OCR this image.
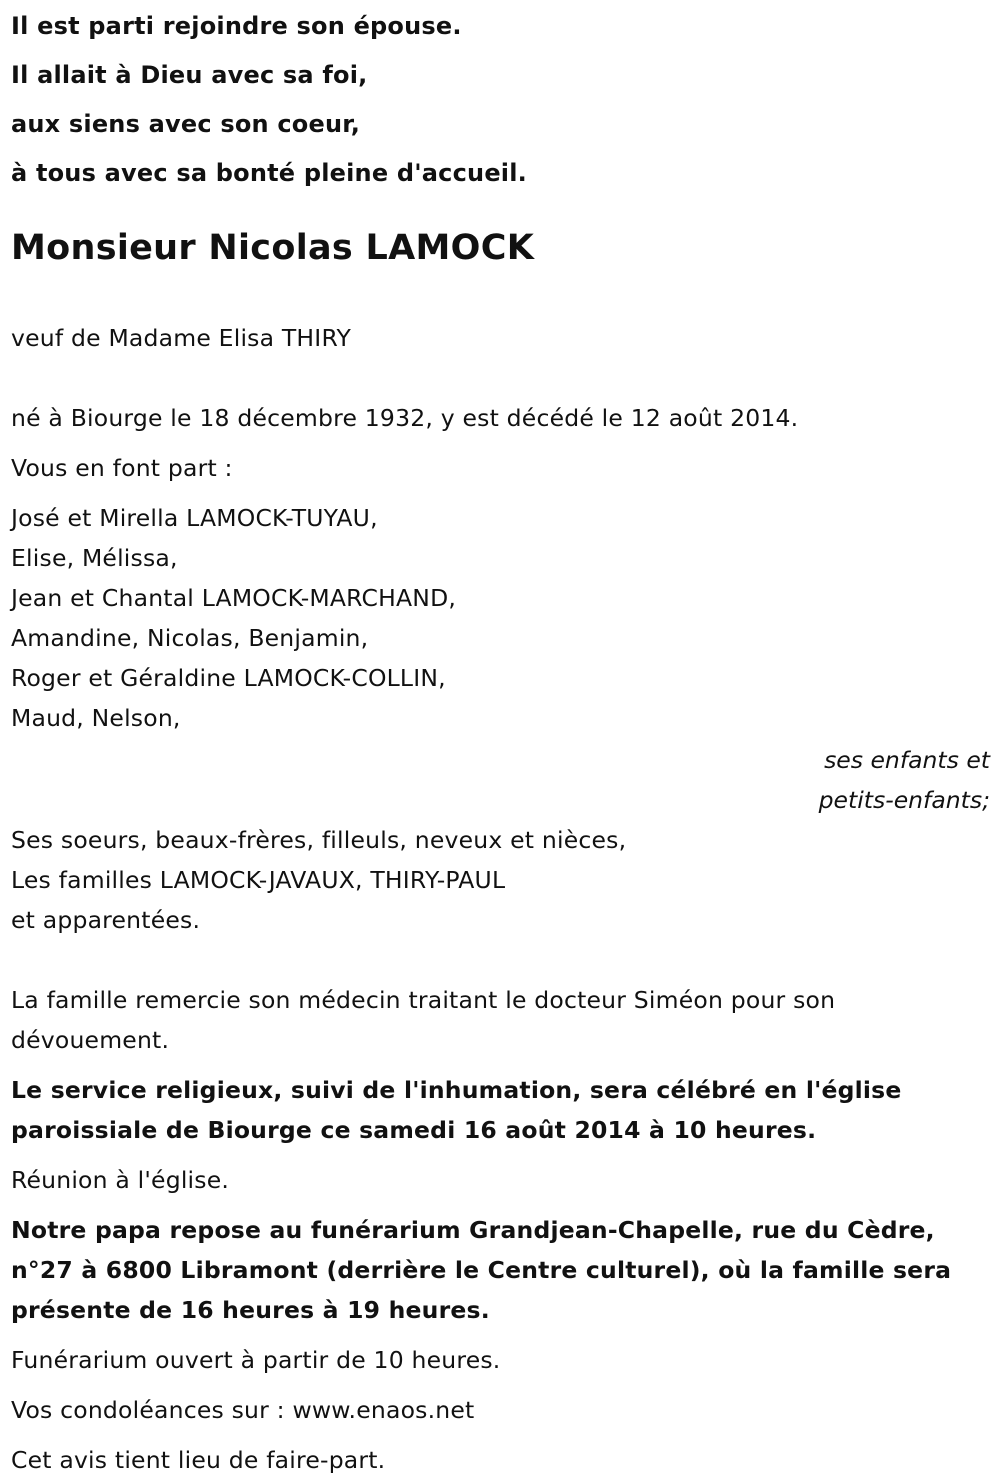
Il est parti rejoindre son épouse.
Il allait à Dieu avec sa foi,
aux siens avec son coeur,
à tous avec sa bonté pleine d'accueil.
Monsieur Nicolas LAMOCK
veuf de Madame Elisa THIRY
né à Biourge le 18 décembre 1932, y est décédé le 12 août 2014.
Vous en font part :
José et Mirella LAMOCK-TUYAU,
Elise, Mélissa,
Jean et Chantal LAMOCK-MARCHAND,
Amandine, Nicolas, Benjamin,
Roger et Géraldine LAMOCK-COLLIN,
Maud, Nelson,
ses enfants et
petits-enfants;
Ses soeurs, beaux-frères, filleuls, neveux et nièces,
Les familles LAMOCK-JAVAUX, THIRY-PAUL
et apparentées.
La famille remercie son médecin traitant le docteur Siméon pour son dévouement.
Le service religieux, suivi de l'inhumation, sera célébré en l'église paroissiale de Biourge ce samedi 16 août 2014 à 10 heures.
Réunion à l'église.
Notre papa repose au funérarium Grandjean-Chapelle, rue du Cèdre, n°27 à 6800 Libramont (derrière le Centre culturel), où la famille sera présente de 16 heures à 19 heures.
Funérarium ouvert à partir de 10 heures.
Vos condoléances sur : www.enaos.net
Cet avis tient lieu de faire-part.
